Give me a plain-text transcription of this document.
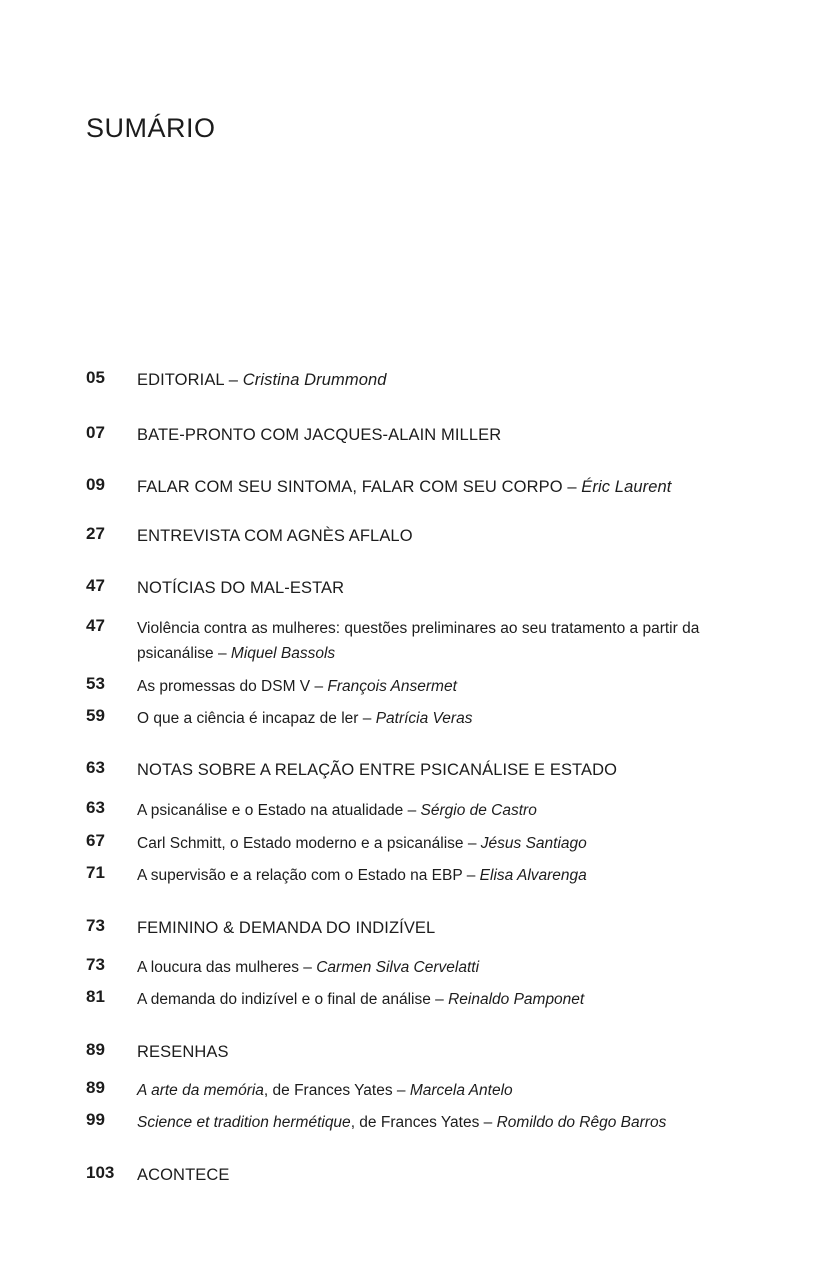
SUMÁRIO
05 EDITORIAL – Cristina Drummond
07 BATE-PRONTO COM JACQUES-ALAIN MILLER
09 FALAR COM SEU SINTOMA, FALAR COM SEU CORPO – Éric Laurent
27 ENTREVISTA COM AGNÈS AFLALO
47 NOTÍCIAS DO MAL-ESTAR
47 Violência contra as mulheres: questões preliminares ao seu tratamento a partir da psicanálise – Miquel Bassols
53 As promessas do DSM V – François Ansermet
59 O que a ciência é incapaz de ler – Patrícia Veras
63 NOTAS SOBRE A RELAÇÃO ENTRE PSICANÁLISE E ESTADO
63 A psicanálise e o Estado na atualidade – Sérgio de Castro
67 Carl Schmitt, o Estado moderno e a psicanálise – Jésus Santiago
71 A supervisão e a relação com o Estado na EBP – Elisa Alvarenga
73 FEMININO & DEMANDA DO INDIZÍVEL
73 A loucura das mulheres – Carmen Silva Cervelatti
81 A demanda do indizível e o final de análise – Reinaldo Pamponet
89 RESENHAS
89 A arte da memória, de Frances Yates – Marcela Antelo
99 Science et tradition hermétique, de Frances Yates – Romildo do Rêgo Barros
103 ACONTECE
